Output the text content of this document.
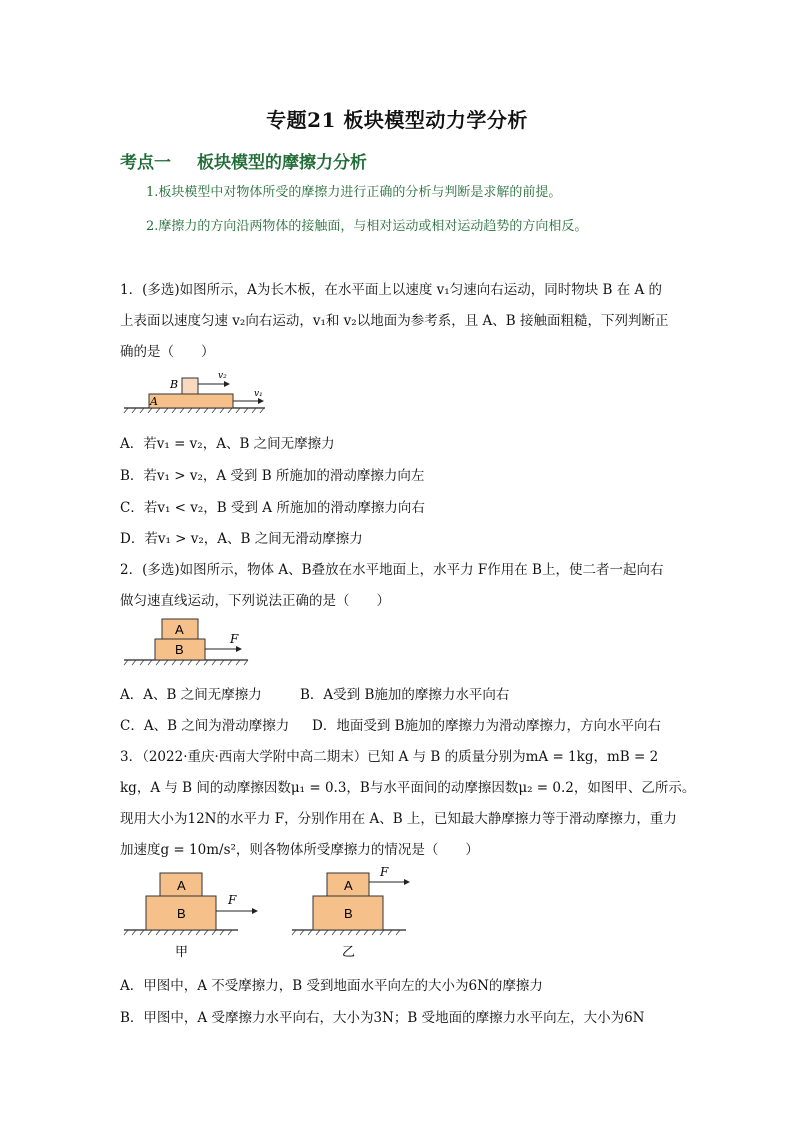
专题21 板块模型动力学分析
考点一 板块模型的摩擦力分析
1.板块模型中对物体所受的摩擦力进行正确的分析与判断是求解的前提。
2.摩擦力的方向沿两物体的接触面，与相对运动或相对运动趋势的方向相反。
1．(多选)如图所示，A为长木板，在水平面上以速度 v₁匀速向右运动，同时物块 B 在 A 的
上表面以速度匀速 v₂向右运动，v₁和 v₂以地面为参考系，且 A、B 接触面粗糙，下列判断正
确的是（　　）
A
B
v₂
v₁
A．若v₁ = v₂，A、B 之间无摩擦力
B．若v₁ > v₂，A 受到 B 所施加的滑动摩擦力向左
C．若v₁ < v₂，B 受到 A 所施加的滑动摩擦力向右
D．若v₁ > v₂，A、B 之间无滑动摩擦力
2．(多选)如图所示，物体 A、B叠放在水平地面上，水平力 F作用在 B上，使二者一起向右
做匀速直线运动，下列说法正确的是（　　）
B
A
F
A．A、B 之间无摩擦力	B．A受到 B施加的摩擦力水平向右
C．A、B 之间为滑动摩擦力 D．地面受到 B施加的摩擦力为滑动摩擦力，方向水平向右
3．（2022·重庆·西南大学附中高二期末）已知 A 与 B 的质量分别为mA = 1kg，mB = 2
kg，A 与 B 间的动摩擦因数μ₁ = 0.3，B与水平面间的动摩擦因数μ₂ = 0.2，如图甲、乙所示。
现用大小为12N的水平力 F，分别作用在 A、B 上，已知最大静摩擦力等于滑动摩擦力，重力
加速度g = 10m/s²，则各物体所受摩擦力的情况是（　　）
B
A
F
甲
B
A
F
乙
A．甲图中，A 不受摩擦力，B 受到地面水平向左的大小为6N的摩擦力
B．甲图中，A 受摩擦力水平向右，大小为3N；B 受地面的摩擦力水平向左，大小为6N
